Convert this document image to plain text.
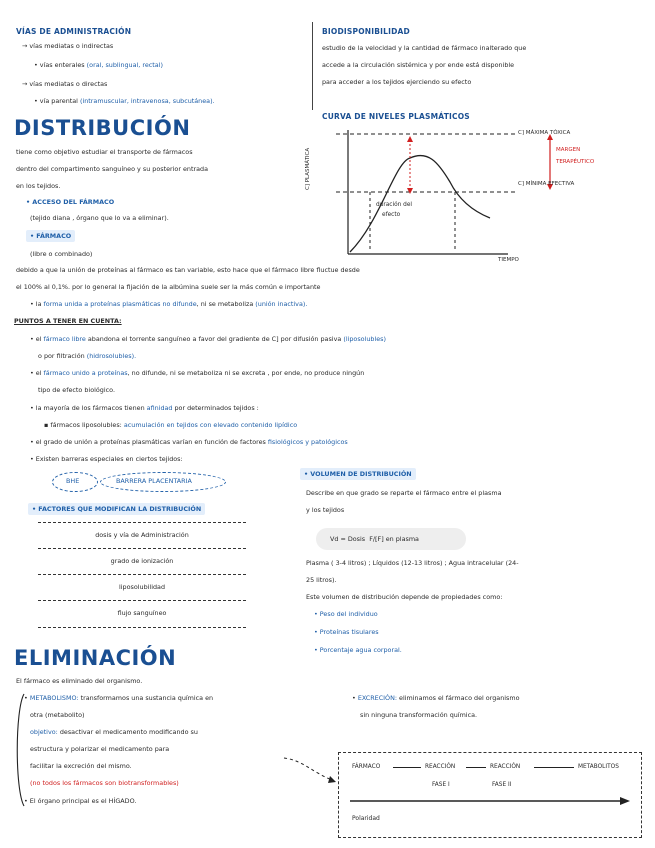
VÍAS DE ADMINISTRACIÓN
→ vías mediatas o indirectas
• vías enterales (oral, sublingual, rectal)
→ vías mediatas o directas
• vía parental (intramuscular, intravenosa, subcutánea).
BIODISPONIBILIDAD
estudio de la velocidad y la cantidad de fármaco inalterado que
accede a la circulación sistémica y por ende está disponible
para acceder a los tejidos ejerciendo su efecto
CURVA DE NIVELES PLASMÁTICOS
C] PLASMÁTICA
TIEMPO
C] MÁXIMA TÓXICA
MARGEN
TERAPÉUTICO
C] MÍNIMA EFECTIVA
duración del
efecto
DISTRIBUCIÓN
tiene como objetivo estudiar el transporte de fármacos
dentro del compartimento sanguíneo y su posterior entrada
en los tejidos.
• ACCESO DEL FÁRMACO
(tejido diana , órgano que lo va a eliminar).
• FÁRMACO
(libre o combinado)
debido a que la unión de proteínas al fármaco es tan variable, esto hace que el fármaco libre fluctue desde
el 100% al 0,1%. por lo general la fijación de la albúmina suele ser la más común e importante
• la forma unida a proteínas plasmáticas no difunde, ni se metaboliza (unión inactiva).
PUNTOS A TENER EN CUENTA:
• el fármaco libre abandona el torrente sanguíneo a favor del gradiente de C] por difusión pasiva (liposolubles)
o por filtración (hidrosolubles).
• el fármaco unido a proteínas, no difunde, ni se metaboliza ni se excreta , por ende, no produce ningún
tipo de efecto biológico.
• la mayoría de los fármacos tienen afinidad por determinados tejidos :
▪ fármacos liposolubles: acumulación en tejidos con elevado contenido lipídico
• el grado de unión a proteínas plasmáticas varían en función de factores fisiológicos y patológicos
• Existen barreras especiales en ciertos tejidos:
BHE	BARRERA PLACENTARIA
• FACTORES QUE MODIFICAN LA DISTRIBUCIÓN
dosis y vía de Administración
grado de ionización
liposolubilidad
flujo sanguíneo
• VOLUMEN DE DISTRIBUCIÓN
Describe en que grado se reparte el fármaco entre el plasma
y los tejidos
Vd = Dosis F/[F] en plasma
Plasma ( 3-4 litros) ; Líquidos (12-13 litros) ; Agua intracelular (24-
25 litros).
Este volumen de distribución depende de propiedades como:
• Peso del individuo
• Proteínas tisulares
• Porcentaje agua corporal.
ELIMINACIÓN
El fármaco es eliminado del organismo.
• METABOLISMO: transformamos una sustancia química en
otra (metabolito)
objetivo: desactivar el medicamento modificando su
estructura y polarizar el medicamento para
facilitar la excreción del mismo.
(no todos los fármacos son biotransformables)
• El órgano principal es el HÍGADO.
• EXCRECIÓN: eliminamos el fármaco del organismo
sin ninguna transformación química.
FÁRMACO	REACCIÓN	REACCIÓN	METABOLITOS
FASE I	FASE II
Polaridad
